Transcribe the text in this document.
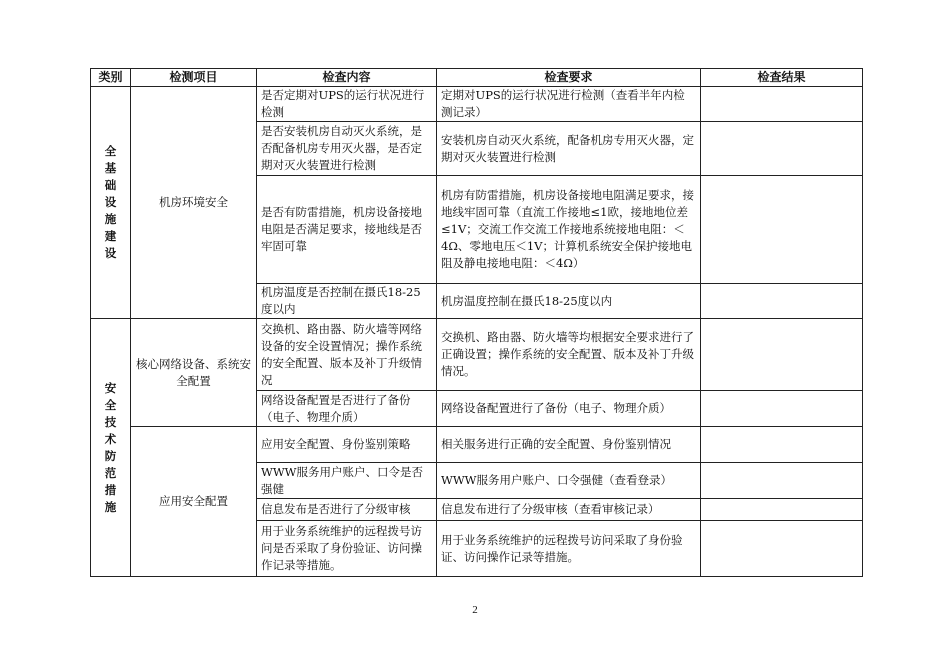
类别	检测项目	检查内容	检查要求	检查结果

全基础设施建设	机房环境安全	是否定期对UPS的运行状况进行检测	定期对UPS的运行状况进行检测（查看半年内检测记录）	
		是否安装机房自动灭火系统，是否配备机房专用灭火器，是否定期对灭火装置进行检测	安装机房自动灭火系统，配备机房专用灭火器，定期对灭火装置进行检测	
		是否有防雷措施，机房设备接地电阻是否满足要求，接地线是否牢固可靠	机房有防雷措施，机房设备接地电阻满足要求，接地线牢固可靠（直流工作接地≤1欧，接地地位差≤1V；交流工作交流工作接地系统接地电阻：＜4Ω、零地电压＜1V；计算机系统安全保护接地电阻及静电接地电阻：＜4Ω）	
		机房温度是否控制在摄氏18-25度以内	机房温度控制在摄氏18-25度以内	

安全技术防范措施	核心网络设备、系统安全配置	交换机、路由器、防火墙等网络设备的安全设置情况；操作系统的安全配置、版本及补丁升级情况	交换机、路由器、防火墙等均根据安全要求进行了正确设置；操作系统的安全配置、版本及补丁升级情况。	
		网络设备配置是否进行了备份（电子、物理介质）	网络设备配置进行了备份（电子、物理介质）	
	应用安全配置	应用安全配置、身份鉴别策略	相关服务进行正确的安全配置、身份鉴别情况	
		WWW服务用户账户、口令是否强健	WWW服务用户账户、口令强健（查看登录）	
		信息发布是否进行了分级审核	信息发布进行了分级审核（查看审核记录）	
		用于业务系统维护的远程拨号访问是否采取了身份验证、访问操作记录等措施。	用于业务系统维护的远程拨号访问采取了身份验证、访问操作记录等措施。	
2
